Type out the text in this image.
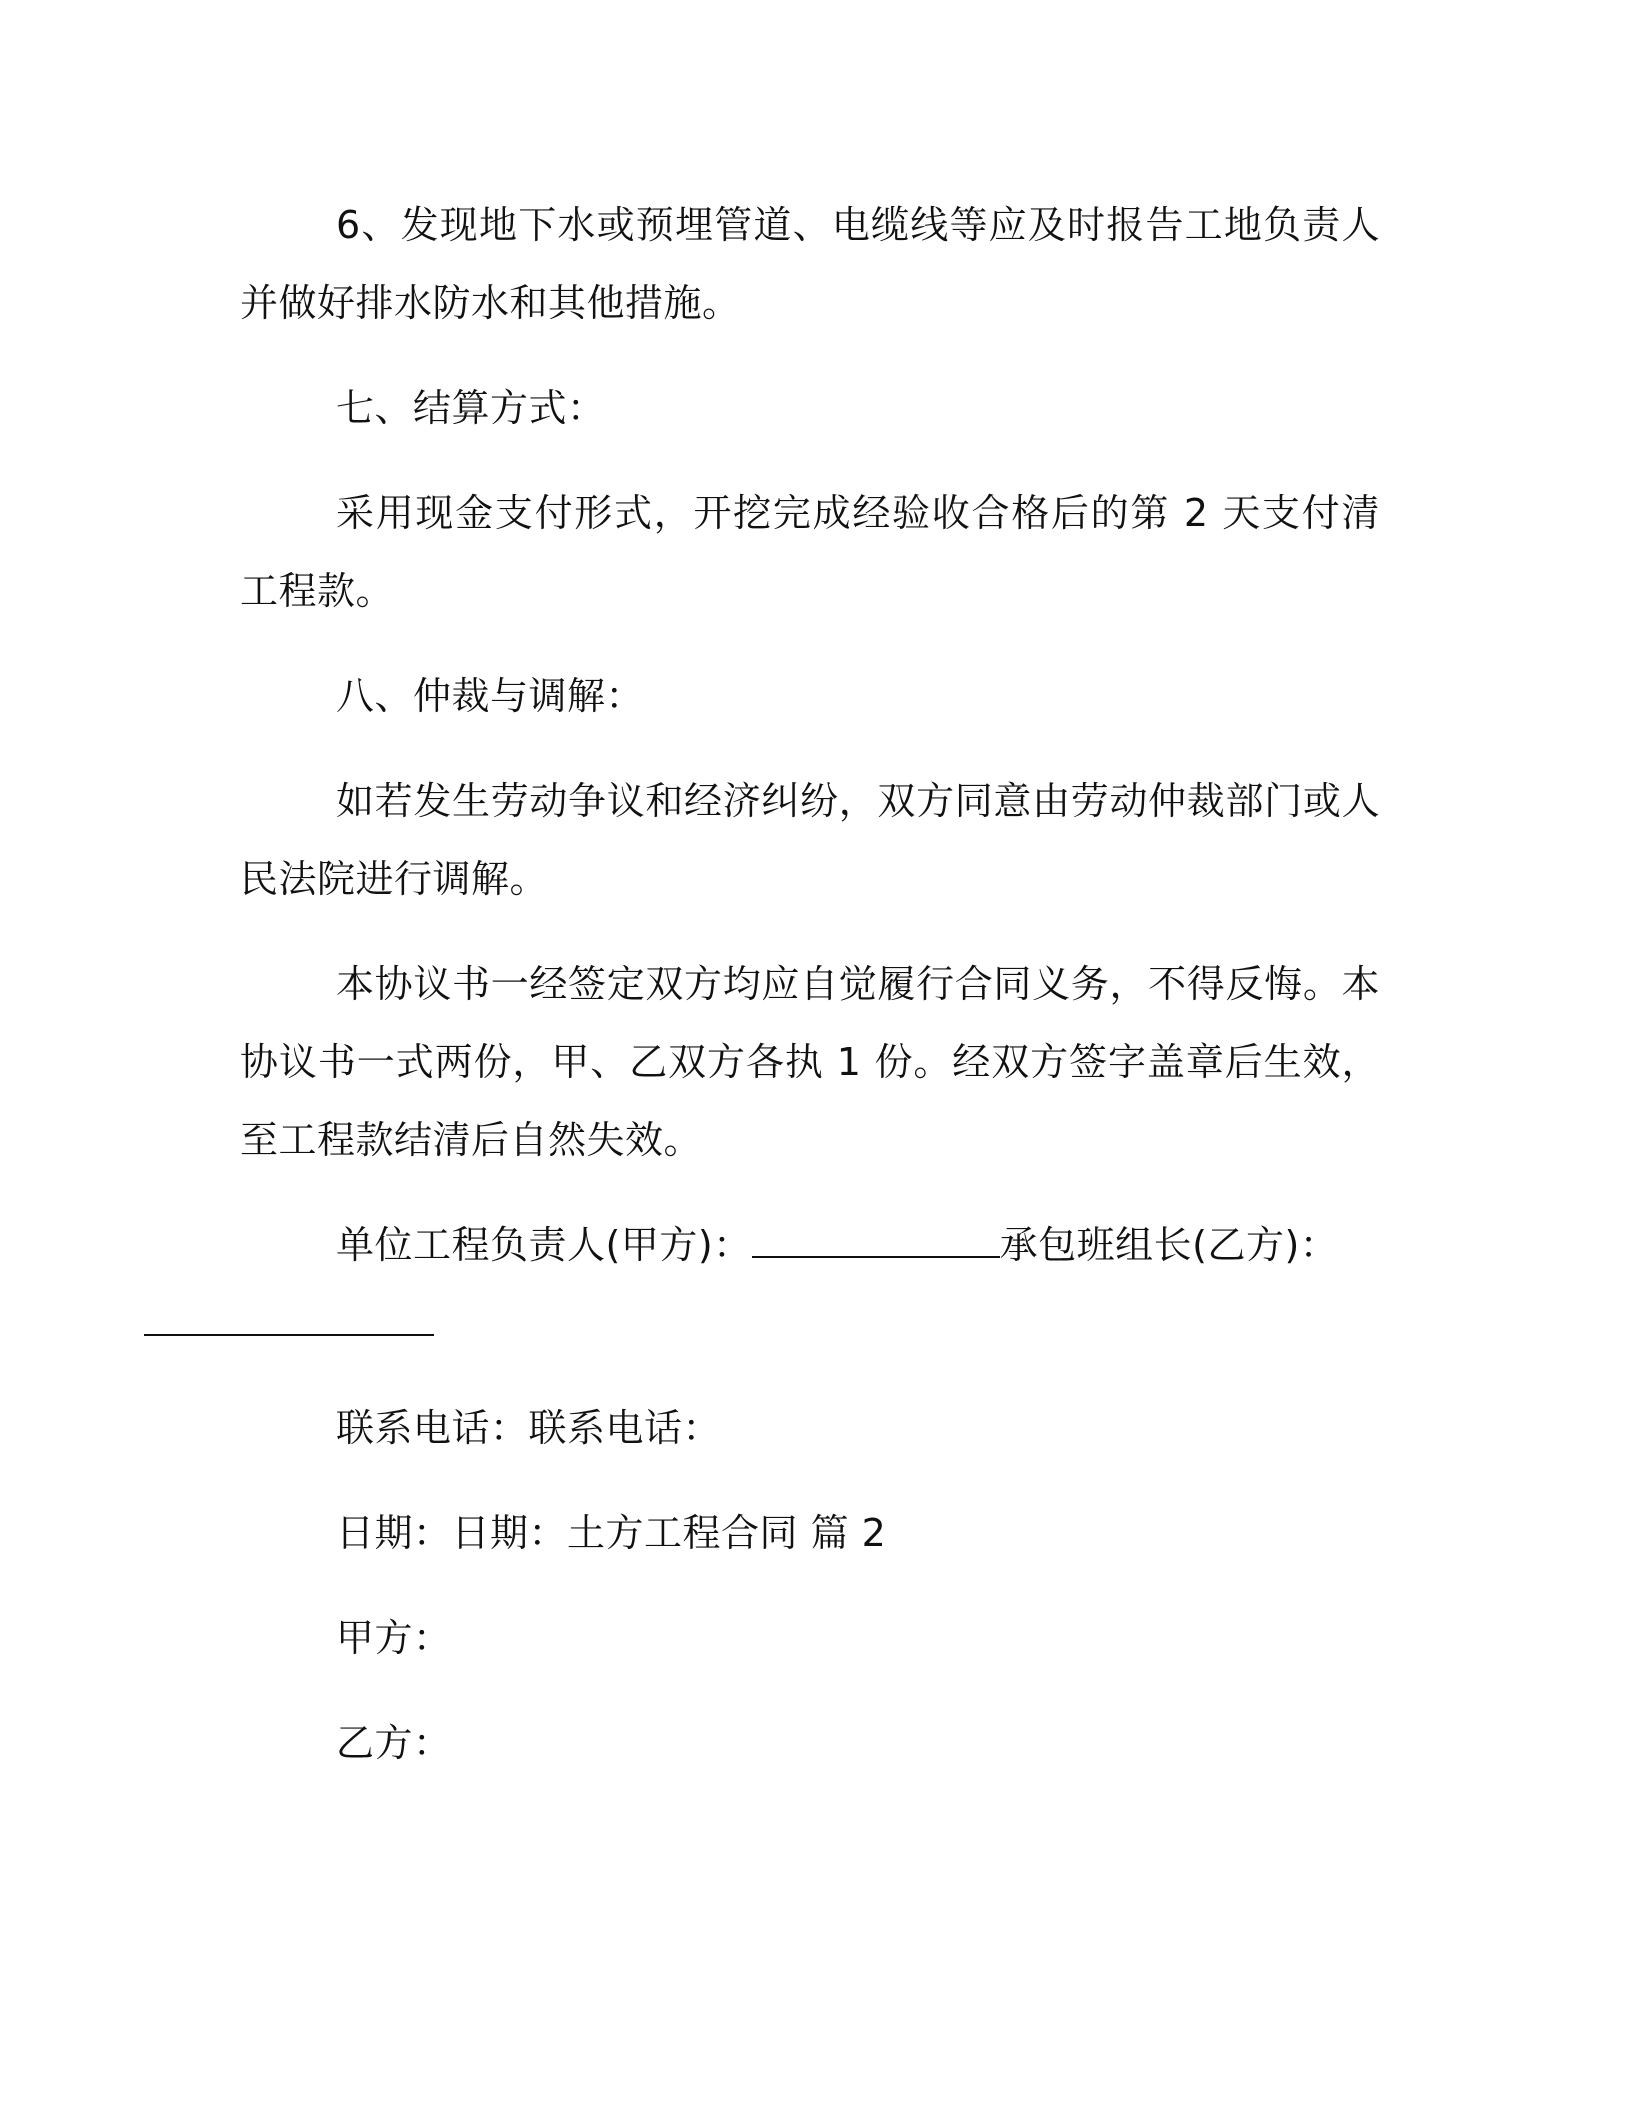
6、发现地下水或预埋管道、电缆线等应及时报告工地负责人并做好排水防水和其他措施。

七、结算方式：

采用现金支付形式，开挖完成经验收合格后的第 2 天支付清工程款。

八、仲裁与调解：

如若发生劳动争议和经济纠纷，双方同意由劳动仲裁部门或人民法院进行调解。

本协议书一经签定双方均应自觉履行合同义务，不得反悔。本协议书一式两份，甲、乙双方各执 1 份。经双方签字盖章后生效，至工程款结清后自然失效。

单位工程负责人(甲方)：	承包班组长(乙方)：

联系电话：联系电话：

日期：日期：土方工程合同 篇 2

甲方：

乙方：
